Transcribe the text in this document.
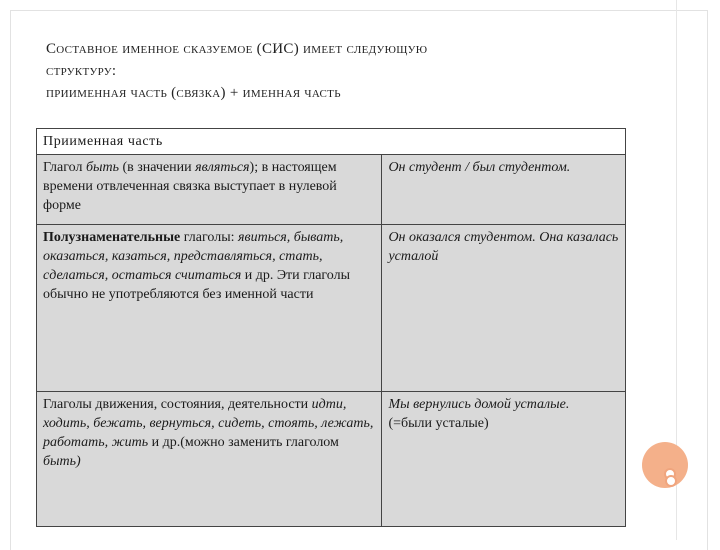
Составное именное сказуемое (СИС) имеет следующую
структуру:
приименная часть (связка) + именная часть
Приименная часть	
Глагол быть (в значении являться); в настоящем времени отвлеченная связка выступает в нулевой форме	Он студент / был студентом.
Полузнаменательные глаголы: явиться, бывать, оказаться, казаться, представляться, стать, сделаться, остаться считаться и др. Эти глаголы обычно не употребляются без именной части	Он оказался студентом. Она казалась усталой
Глаголы движения, состояния, деятельности идти, ходить, бежать, вернуться, сидеть, стоять, лежать, работать, жить и др.(можно заменить глаголом быть)	Мы вернулись домой усталые.
(=были усталые)
